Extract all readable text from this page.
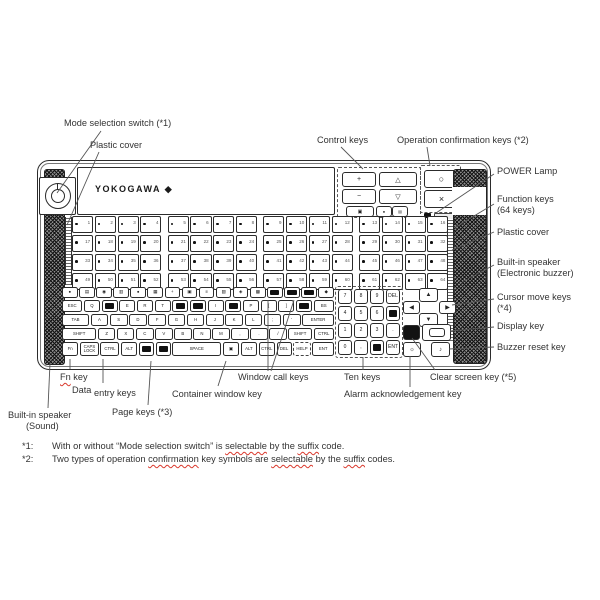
Mode selection switch (*1)
Plastic cover	Control keys	Operation confirmation keys (*2)
POWER Lamp
Function keys
(64 keys)
Plastic cover
Built-in speaker
(Electronic buzzer)
Cursor move keys
(*4)
Display key
Buzzer reset key
Fn key
Data entry keys	Container window key
Window call keys	Ten keys
Alarm acknowledgement key
Clear screen key (*5)
Built-in speaker
(Sound)
Page keys (*3)
YOKOGAWA ◆
+	△
−	▽
▣	●	▤
○
×
1	2	3	4	5	6	7	8	9	10	11	12	13	14	15	16
17	18	19	20	21	22	23	24	25	26	27	28	29	30	31	32
33	34	35	36	37	38	39	40	41	42	43	44	45	46	47	48
49	50	51	52	53	54	55	56	57	58	59	60	61	62	63	64
●	▤	◉	▥	●	▦	+	▣	≡	▨	◈	▩	◆
ESC	Q	E	R	T	I	P	[	]	BS
TAB	A	S	D	F	G	H	J	K	L	;	'	ENTER
SHIFT	Z	X	C	V	B	N	M	,	.	/	SHIFT	CTRL
Fn	CAPS LOCK	CTRL ALT	SPACE	▣	ALT CTRL DEL HELP	ENT
7	8	9 DEL
4	5	6
1	2	3	.
0	,	ENT
▲
◀	▶
▼
☼	♪
*1:	With or without “Mode selection switch” is selectable by the suffix code.
*2:	Two types of operation confirmation key symbols are selectable by the suffix codes.
